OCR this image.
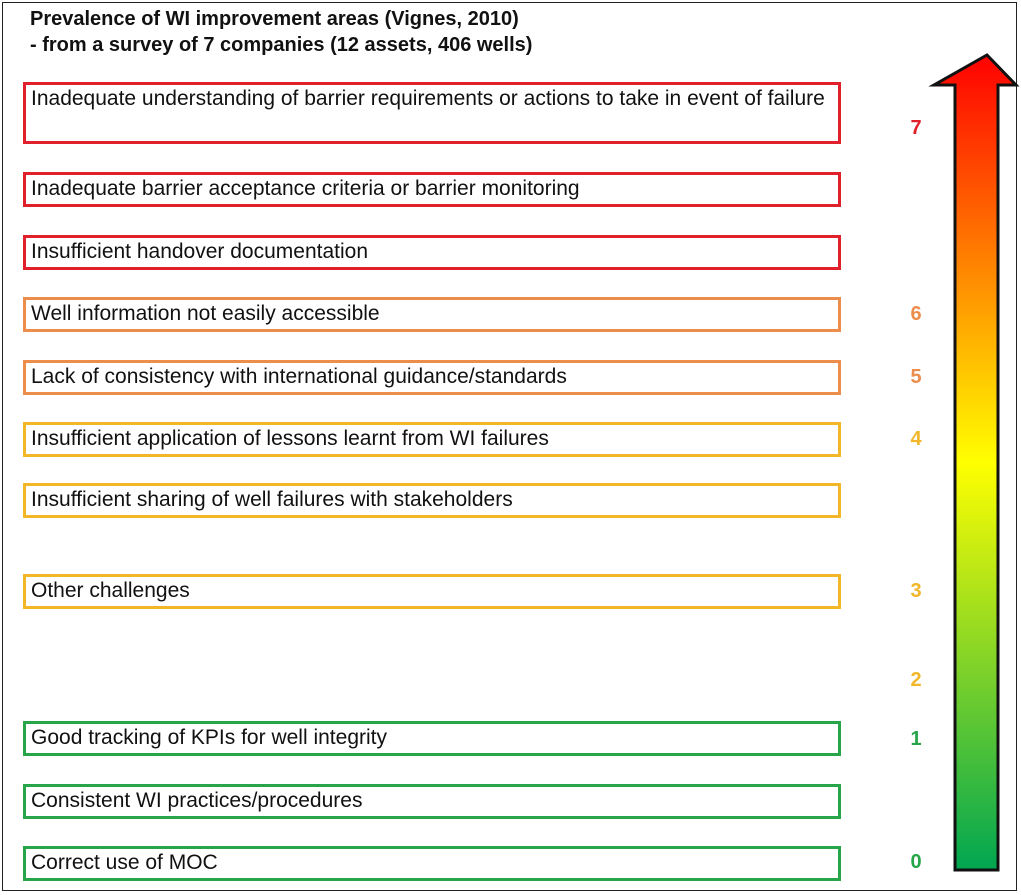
Prevalence of WI improvement areas (Vignes, 2010)
- from a survey of 7 companies (12 assets, 406 wells)
Inadequate understanding of barrier requirements or actions to take in event of failure
Inadequate barrier acceptance criteria or barrier monitoring
Insufficient handover documentation
Well information not easily accessible
Lack of consistency with international guidance/standards
Insufficient application of lessons learnt from WI failures
Insufficient sharing of well failures with stakeholders
Other challenges
Good tracking of KPIs for well integrity
Consistent WI practices/procedures
Correct use of MOC
7
6
5
4
3
2
1
0
